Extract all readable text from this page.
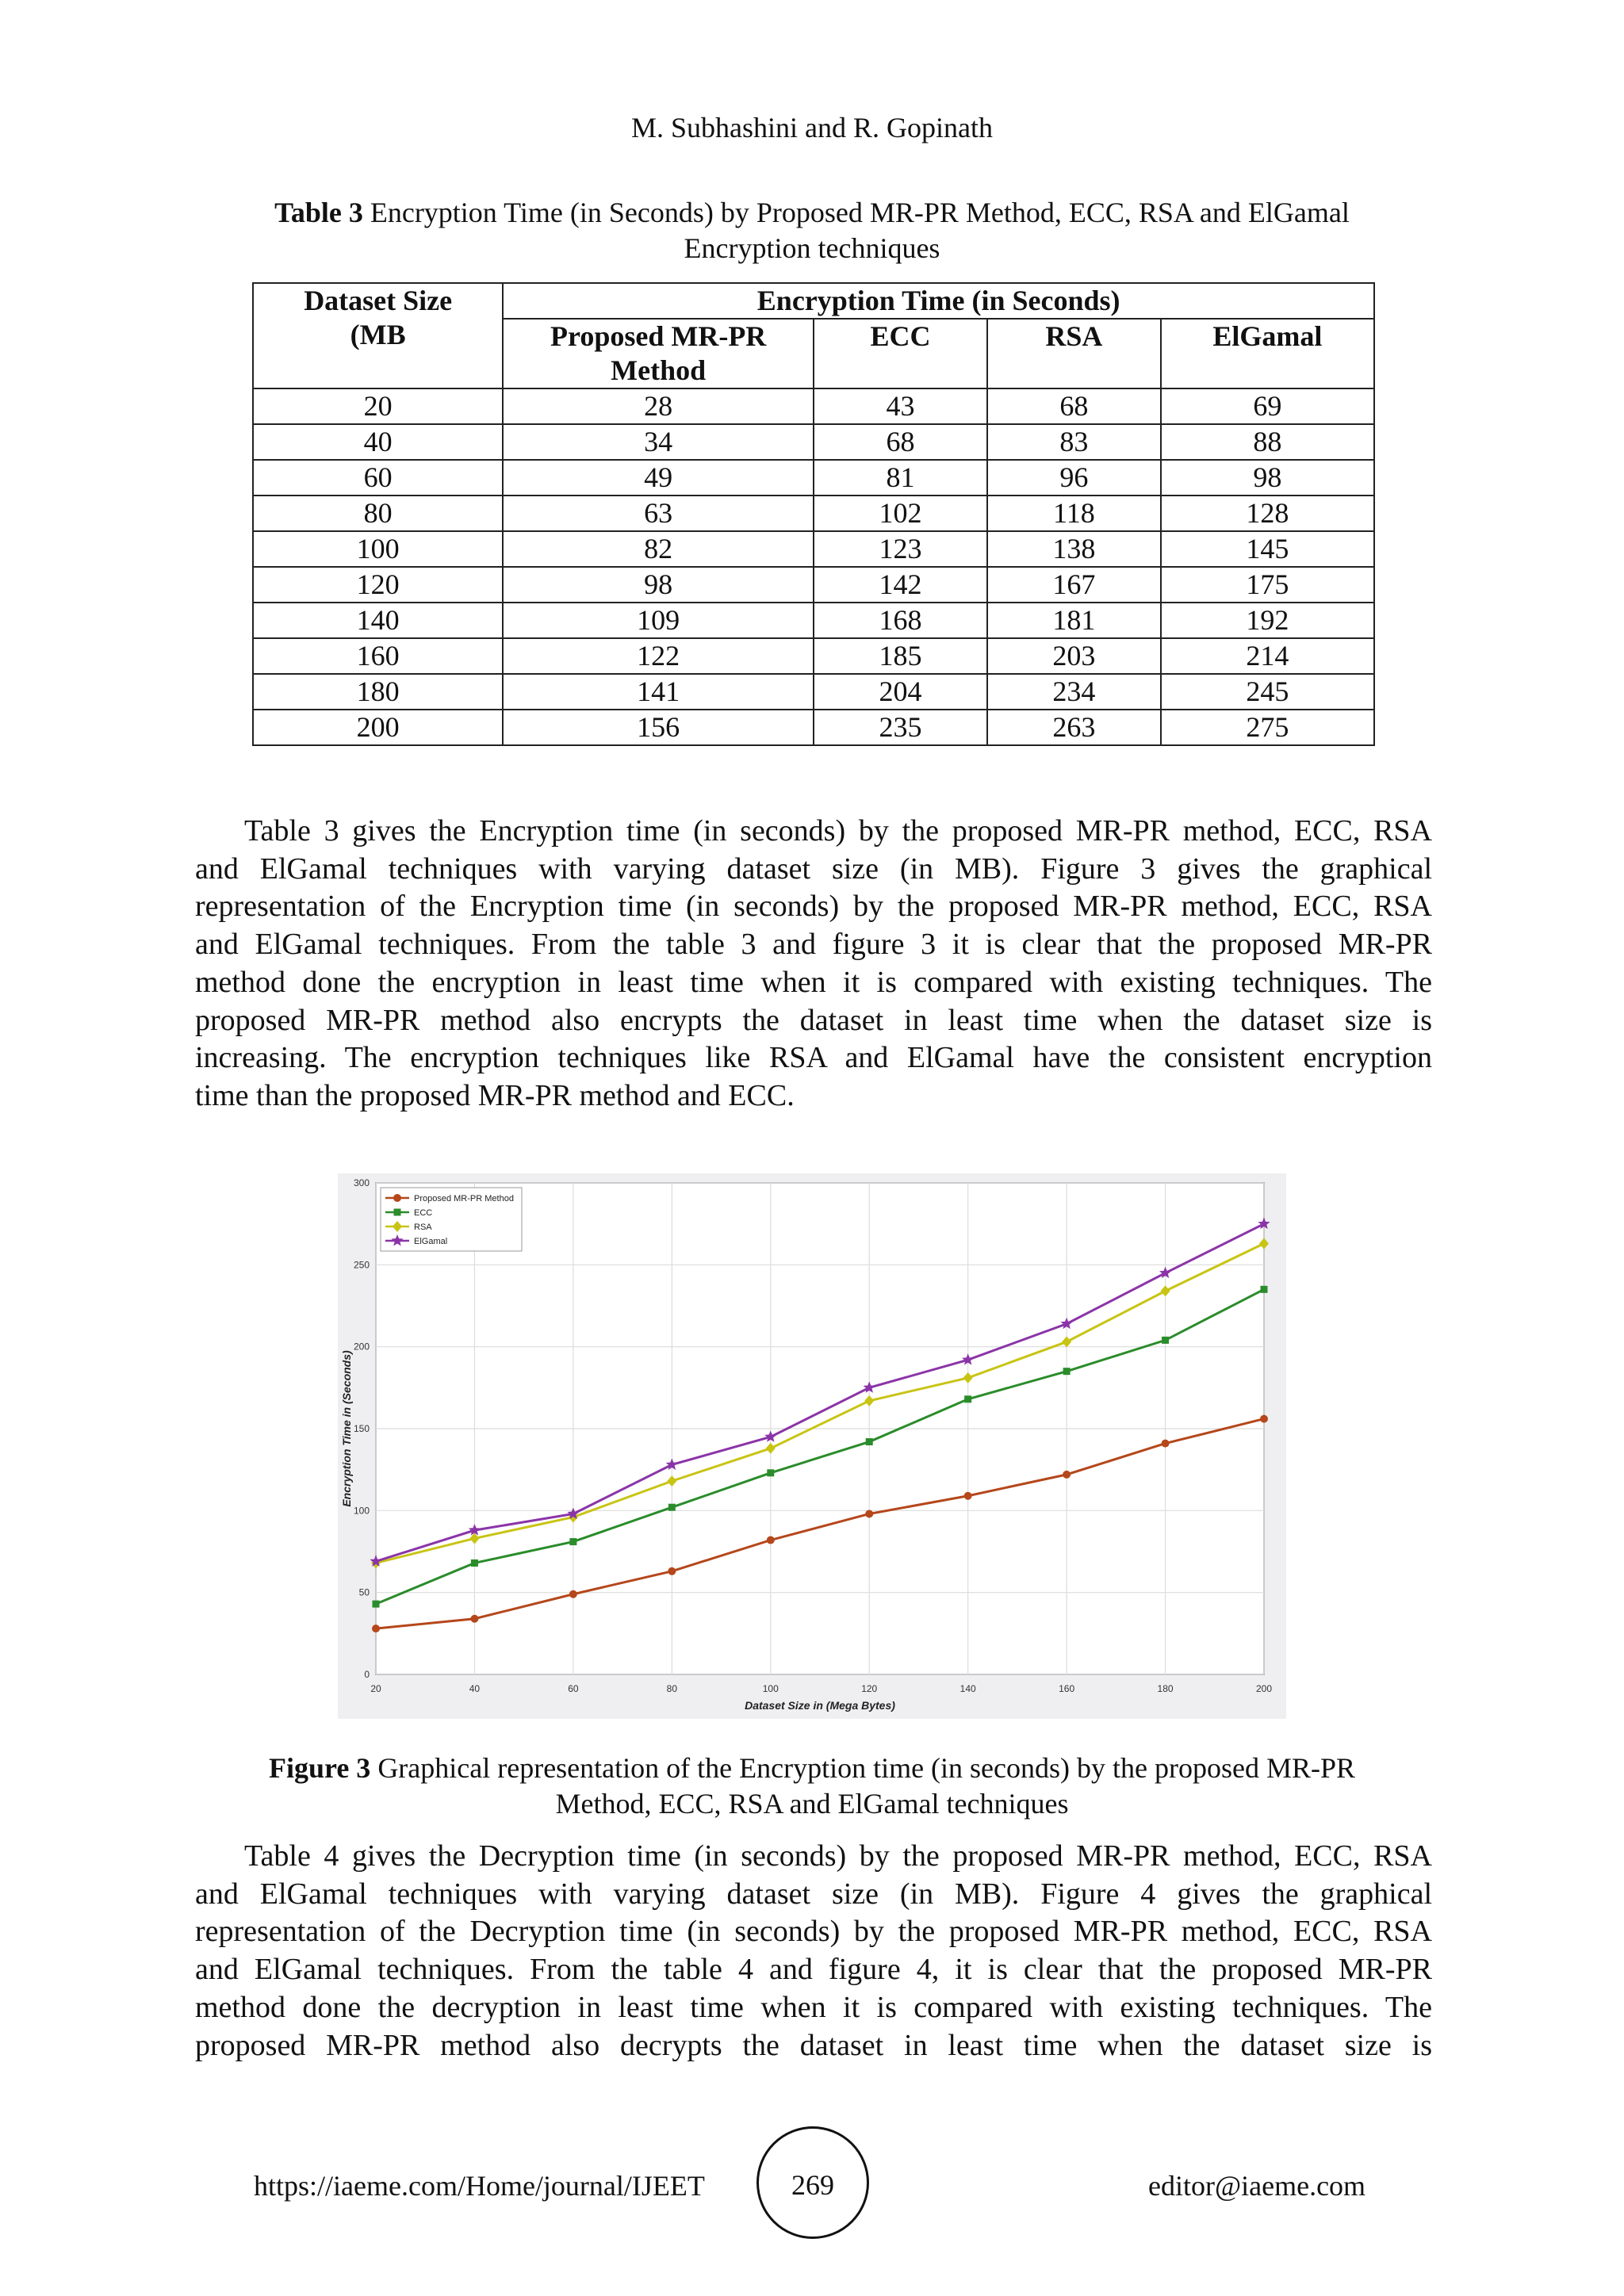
M. Subhashini and R. Gopinath
Table 3 Encryption Time (in Seconds) by Proposed MR-PR Method, ECC, RSA and ElGamal Encryption techniques
Dataset Size (MB	Encryption Time (in Seconds)			
	Proposed MR-PR Method	ECC	RSA	ElGamal
20	28	43	68	69
40	34	68	83	88
60	49	81	96	98
80	63	102	118	128
100	82	123	138	145
120	98	142	167	175
140	109	168	181	192
160	122	185	203	214
180	141	204	234	245
200	156	235	263	275
Table 3 gives the Encryption time (in seconds) by the proposed MR-PR method, ECC, RSA
and ElGamal techniques with varying dataset size (in MB). Figure 3 gives the graphical
representation of the Encryption time (in seconds) by the proposed MR-PR method, ECC, RSA
and ElGamal techniques. From the table 3 and figure 3 it is clear that the proposed MR-PR
method done the encryption in least time when it is compared with existing techniques. The
proposed MR-PR method also encrypts the dataset in least time when the dataset size is
increasing. The encryption techniques like RSA and ElGamal have the consistent encryption
time than the proposed MR-PR method and ECC.
20	40	60	80	100	120	140	160	180	200
0
50
100
150
200
250
300
Dataset Size in (Mega Bytes)
Encryption Time in (Seconds)
Proposed MR-PR Method
ECC
RSA
ElGamal
Figure 3 Graphical representation of the Encryption time (in seconds) by the proposed MR-PR Method, ECC, RSA and ElGamal techniques
Table 4 gives the Decryption time (in seconds) by the proposed MR-PR method, ECC, RSA
and ElGamal techniques with varying dataset size (in MB). Figure 4 gives the graphical
representation of the Decryption time (in seconds) by the proposed MR-PR method, ECC, RSA
and ElGamal techniques. From the table 4 and figure 4, it is clear that the proposed MR-PR
method done the decryption in least time when it is compared with existing techniques. The
proposed MR-PR method also decrypts the dataset in least time when the dataset size is
https://iaeme.com/Home/journal/IJEET	269	editor@iaeme.com
